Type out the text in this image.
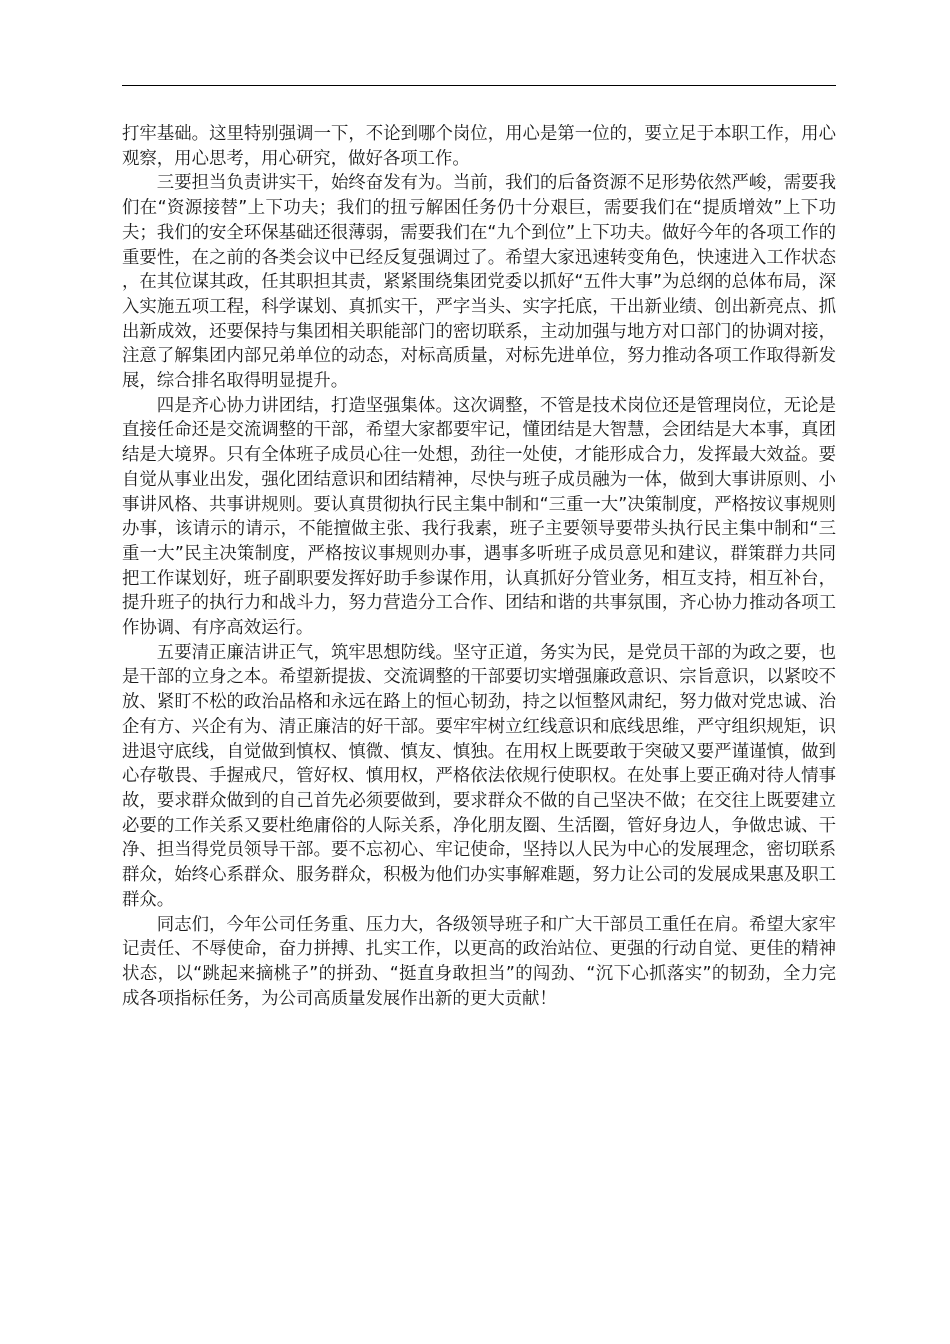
打牢基础。这里特别强调一下，不论到哪个岗位，用心是第一位的，要立足于本职工作，用心观察，用心思考，用心研究，做好各项工作。

三要担当负责讲实干，始终奋发有为。当前，我们的后备资源不足形势依然严峻，需要我们在“资源接替”上下功夫；我们的扭亏解困任务仍十分艰巨，需要我们在“提质增效”上下功夫；我们的安全环保基础还很薄弱，需要我们在“九个到位”上下功夫。做好今年的各项工作的重要性，在之前的各类会议中已经反复强调过了。希望大家迅速转变角色，快速进入工作状态，在其位谋其政，任其职担其责，紧紧围绕集团党委以抓好“五件大事”为总纲的总体布局，深入实施五项工程，科学谋划、真抓实干，严字当头、实字托底，干出新业绩、创出新亮点、抓出新成效，还要保持与集团相关职能部门的密切联系，主动加强与地方对口部门的协调对接，注意了解集团内部兄弟单位的动态，对标高质量，对标先进单位，努力推动各项工作取得新发展，综合排名取得明显提升。

四是齐心协力讲团结，打造坚强集体。这次调整，不管是技术岗位还是管理岗位，无论是直接任命还是交流调整的干部，希望大家都要牢记，懂团结是大智慧，会团结是大本事，真团结是大境界。只有全体班子成员心往一处想，劲往一处使，才能形成合力，发挥最大效益。要自觉从事业出发，强化团结意识和团结精神，尽快与班子成员融为一体，做到大事讲原则、小事讲风格、共事讲规则。要认真贯彻执行民主集中制和“三重一大”决策制度，严格按议事规则办事，该请示的请示，不能擅做主张、我行我素，班子主要领导要带头执行民主集中制和“三重一大”民主决策制度，严格按议事规则办事，遇事多听班子成员意见和建议，群策群力共同把工作谋划好，班子副职要发挥好助手参谋作用，认真抓好分管业务，相互支持，相互补台，提升班子的执行力和战斗力，努力营造分工合作、团结和谐的共事氛围，齐心协力推动各项工作协调、有序高效运行。

五要清正廉洁讲正气，筑牢思想防线。坚守正道，务实为民，是党员干部的为政之要，也是干部的立身之本。希望新提拔、交流调整的干部要切实增强廉政意识、宗旨意识，以紧咬不放、紧盯不松的政治品格和永远在路上的恒心韧劲，持之以恒整风肃纪，努力做对党忠诚、治企有方、兴企有为、清正廉洁的好干部。要牢牢树立红线意识和底线思维，严守组织规矩，识进退守底线，自觉做到慎权、慎微、慎友、慎独。在用权上既要敢于突破又要严谨谨慎，做到心存敬畏、手握戒尺，管好权、慎用权，严格依法依规行使职权。在处事上要正确对待人情事故，要求群众做到的自己首先必须要做到，要求群众不做的自己坚决不做；在交往上既要建立必要的工作关系又要杜绝庸俗的人际关系，净化朋友圈、生活圈，管好身边人，争做忠诚、干净、担当得党员领导干部。要不忘初心、牢记使命，坚持以人民为中心的发展理念，密切联系群众，始终心系群众、服务群众，积极为他们办实事解难题，努力让公司的发展成果惠及职工群众。

同志们，今年公司任务重、压力大，各级领导班子和广大干部员工重任在肩。希望大家牢记责任、不辱使命，奋力拼搏、扎实工作，以更高的政治站位、更强的行动自觉、更佳的精神状态，以“跳起来摘桃子”的拼劲、“挺直身敢担当”的闯劲、“沉下心抓落实”的韧劲，全力完成各项指标任务，为公司高质量发展作出新的更大贡献！
